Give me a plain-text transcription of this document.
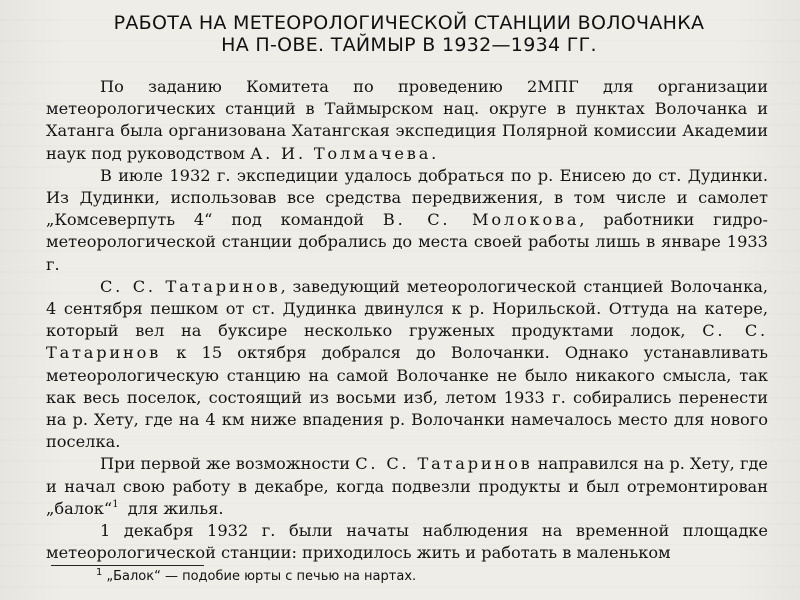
РАБОТА НА МЕТЕОРОЛОГИЧЕСКОЙ СТАНЦИИ ВОЛОЧАНКА
НА П-ОВЕ. ТАЙМЫР В 1932—1934 ГГ.

По заданию Комитета по проведению 2МПГ для организации метеорологических станций в Таймырском нац. округе в пунктах Волочанка и Хатанга была организована Хатангская экспедиция Полярной комиссии Академии наук под руководством А. И. Толмачева.

В июле 1932 г. экспедиции удалось добраться по р. Енисею до ст. Дудинки. Из Дудинки, использовав все средства передвижения, в том числе и самолет „Комсеверпуть 4“ под командой В. С. Молокова, работники гидро-метеорологической станции добрались до места своей работы лишь в январе 1933 г.

С. С. Татаринов, заведующий метеорологической станцией Волочанка, 4 сентября пешком от ст. Дудинка двинулся к р. Норильской. Оттуда на катере, который вел на буксире несколько груженых продуктами лодок, С. С. Татаринов к 15 октября добрался до Волочанки. Однако устанавливать метеорологическую станцию на самой Волочанке не было никакого смысла, так как весь поселок, состоящий из восьми изб, летом 1933 г. собирались перенести на р. Хету, где на 4 км ниже впадения р. Волочанки намечалось место для нового поселка.

При первой же возможности С. С. Татаринов направился на р. Хету, где и начал свою работу в декабре, когда подвезли продукты и был отремонтирован „балок“$^1$ для жилья.

1 декабря 1932 г. были начаты наблюдения на временной площадке метеорологической станции: приходилось жить и работать в маленьком

$^1$ „Балок“ — подобие юрты с печью на нартах.
